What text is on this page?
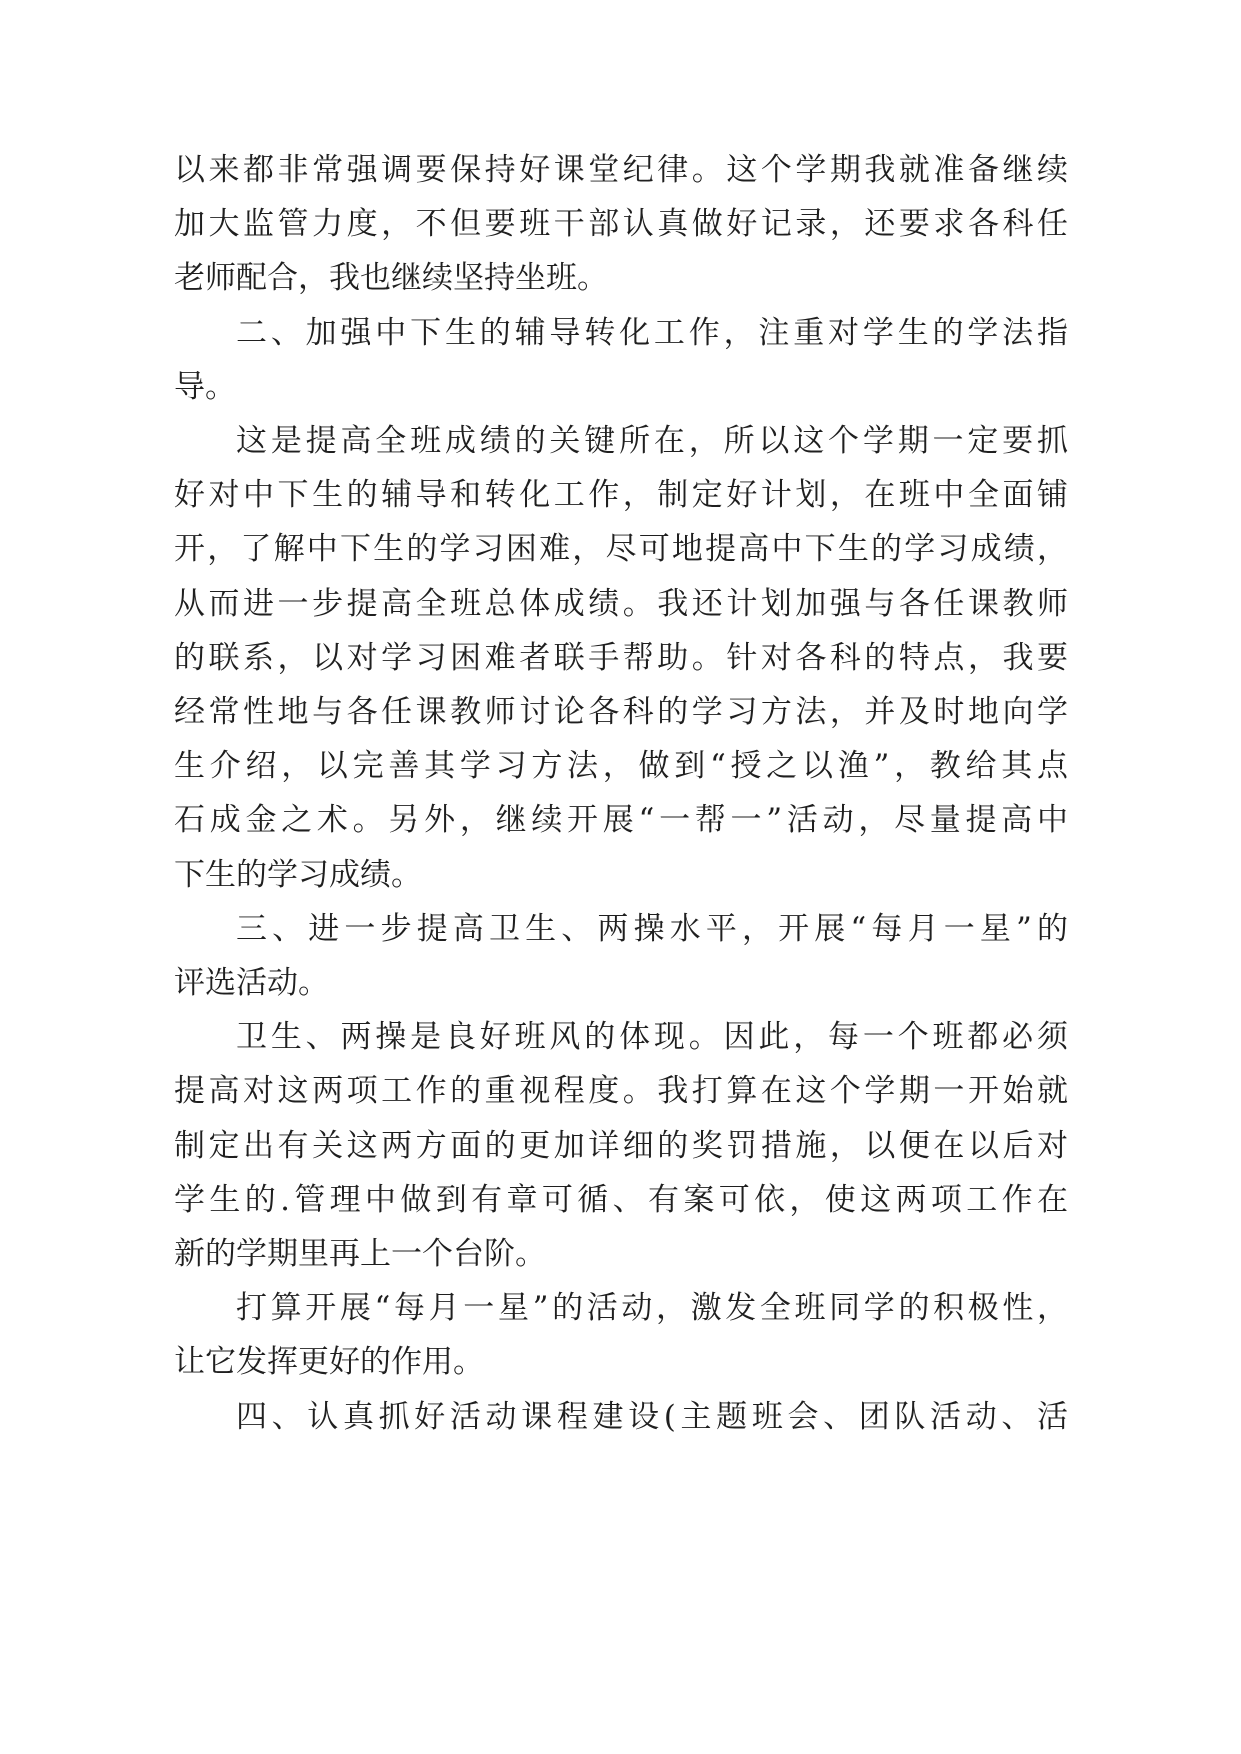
以来都非常强调要保持好课堂纪律。这个学期我就准备继续

加大监管力度，不但要班干部认真做好记录，还要求各科任

老师配合，我也继续坚持坐班。

二、加强中下生的辅导转化工作，注重对学生的学法指

导。

这是提高全班成绩的关键所在，所以这个学期一定要抓

好对中下生的辅导和转化工作，制定好计划，在班中全面铺

开，了解中下生的学习困难，尽可地提高中下生的学习成绩，

从而进一步提高全班总体成绩。我还计划加强与各任课教师

的联系，以对学习困难者联手帮助。针对各科的特点，我要

经常性地与各任课教师讨论各科的学习方法，并及时地向学

生介绍，以完善其学习方法，做到“授之以渔”，教给其点

石成金之术。另外，继续开展“一帮一”活动，尽量提高中

下生的学习成绩。

三、进一步提高卫生、两操水平，开展“每月一星”的

评选活动。

卫生、两操是良好班风的体现。因此，每一个班都必须

提高对这两项工作的重视程度。我打算在这个学期一开始就

制定出有关这两方面的更加详细的奖罚措施，以便在以后对

学生的.管理中做到有章可循、有案可依，使这两项工作在

新的学期里再上一个台阶。

打算开展“每月一星”的活动，激发全班同学的积极性，

让它发挥更好的作用。

四、认真抓好活动课程建设(主题班会、团队活动、活
